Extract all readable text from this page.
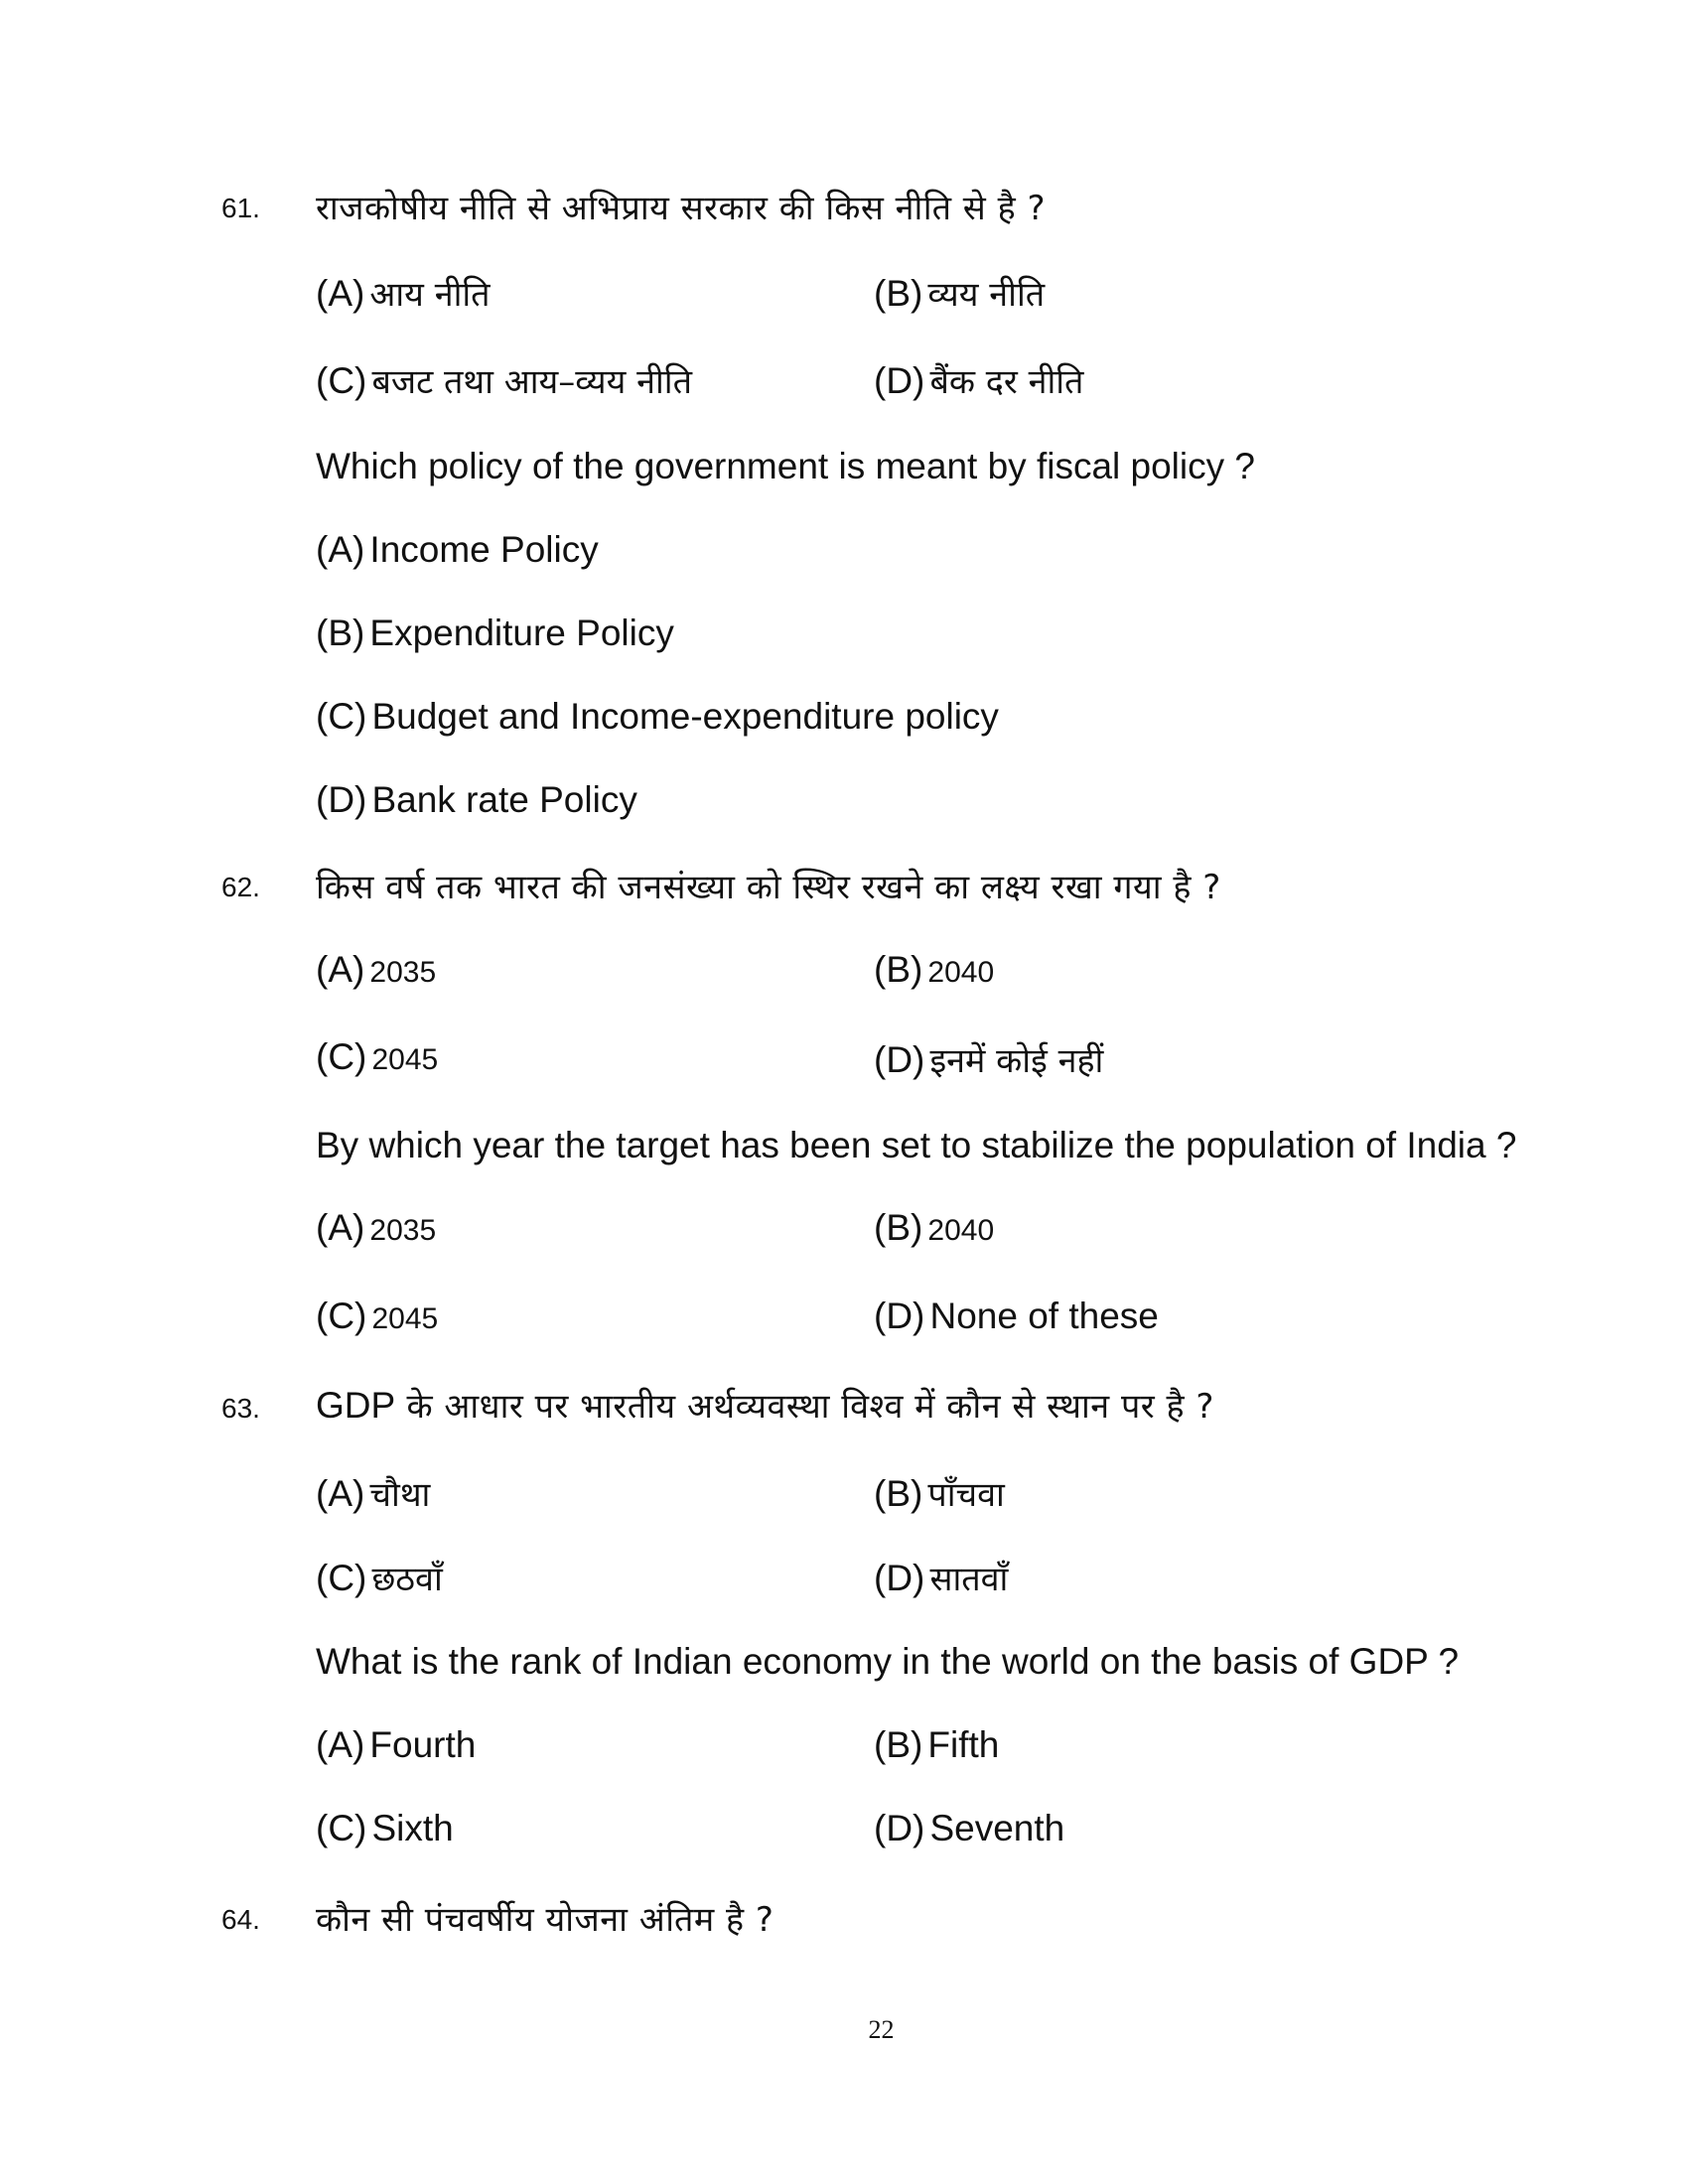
61. राजकोषीय नीति से अभिप्राय सरकार की किस नीति से है ?
(A) आय नीति	(B) व्यय नीति
(C) बजट तथा आय–व्यय नीति	(D) बैंक दर नीति
Which policy of the government is meant by fiscal policy ?
(A) Income Policy
(B) Expenditure Policy
(C) Budget and Income-expenditure policy
(D) Bank rate Policy
62. किस वर्ष तक भारत की जनसंख्या को स्थिर रखने का लक्ष्य रखा गया है ?
(A) 2035	(B) 2040
(C) 2045	(D) इनमें कोई नहीं
By which year the target has been set to stabilize the population of India ?
(A) 2035	(B) 2040
(C) 2045	(D) None of these
63. GDP के आधार पर भारतीय अर्थव्यवस्था विश्व में कौन से स्थान पर है ?
(A) चौथा	(B) पाँचवा
(C) छठवाँ	(D) सातवाँ
What is the rank of Indian economy in the world on the basis of GDP ?
(A) Fourth	(B) Fifth
(C) Sixth	(D) Seventh
64. कौन सी पंचवर्षीय योजना अंतिम है ?
22
